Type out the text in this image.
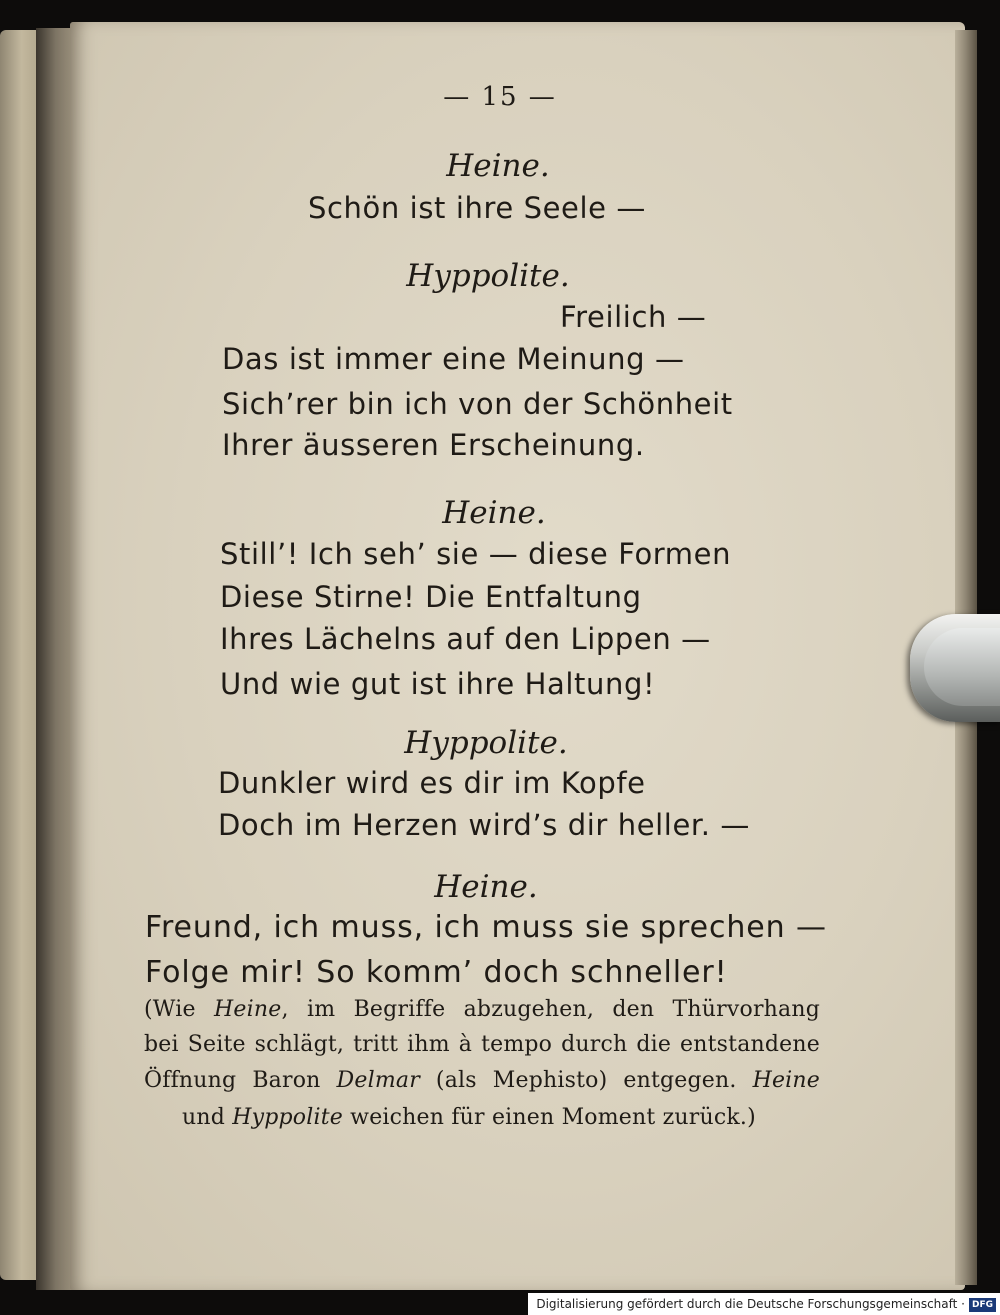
— 15 —
Heine.
Schön ist ihre Seele —
Hyppolite.
Freilich —
Das ist immer eine Meinung —
Sich’rer bin ich von der Schönheit
Ihrer äusseren Erscheinung.
Heine.
Still’! Ich seh’ sie — diese Formen
Diese Stirne! Die Entfaltung
Ihres Lächelns auf den Lippen —
Und wie gut ist ihre Haltung!
Hyppolite.
Dunkler wird es dir im Kopfe
Doch im Herzen wird’s dir heller. —
Heine.
Freund, ich muss, ich muss sie sprechen —
Folge mir! So komm’ doch schneller!
(Wie Heine, im Begriffe abzugehen, den Thürvorhang
bei Seite schlägt, tritt ihm à tempo durch die entstandene
Öffnung Baron Delmar (als Mephisto) entgegen. Heine
und Hyppolite weichen für einen Moment zurück.)
Digitalisierung gefördert durch die Deutsche Forschungsgemeinschaft · DFG
